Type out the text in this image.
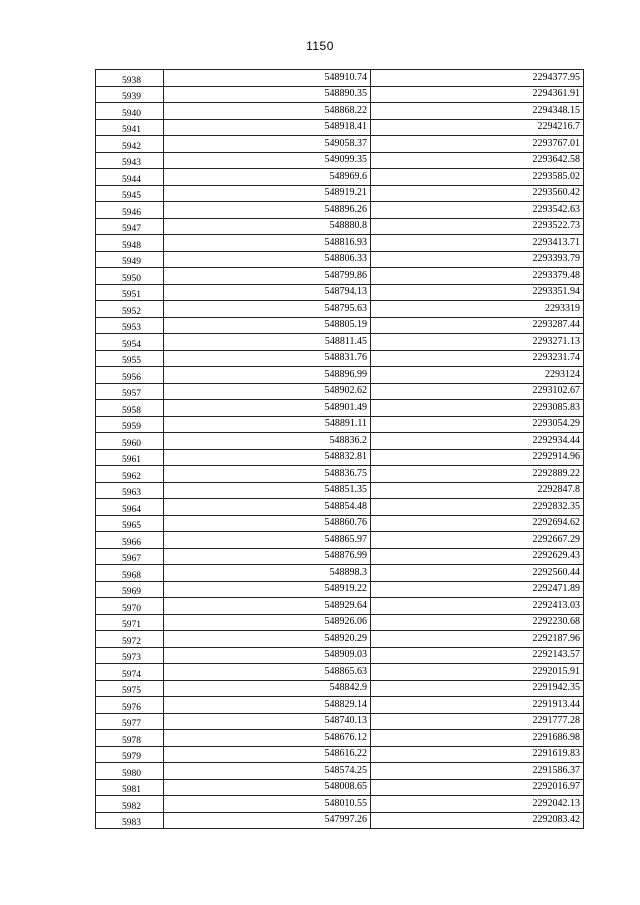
1150
5938	548910.74	2294377.95
5939	548890.35	2294361.91
5940	548868.22	2294348.15
5941	548918.41	2294216.7
5942	549058.37	2293767.01
5943	549099.35	2293642.58
5944	548969.6	2293585.02
5945	548919.21	2293560.42
5946	548896.26	2293542.63
5947	548880.8	2293522.73
5948	548816.93	2293413.71
5949	548806.33	2293393.79
5950	548799.86	2293379.48
5951	548794.13	2293351.94
5952	548795.63	2293319
5953	548805.19	2293287.44
5954	548811.45	2293271.13
5955	548831.76	2293231.74
5956	548896.99	2293124
5957	548902.62	2293102.67
5958	548901.49	2293085.83
5959	548891.11	2293054.29
5960	548836.2	2292934.44
5961	548832.81	2292914.96
5962	548836.75	2292889.22
5963	548851.35	2292847.8
5964	548854.48	2292832.35
5965	548860.76	2292694.62
5966	548865.97	2292667.29
5967	548876.99	2292629.43
5968	548898.3	2292560.44
5969	548919.22	2292471.89
5970	548929.64	2292413.03
5971	548926.06	2292230.68
5972	548920.29	2292187.96
5973	548909.03	2292143.57
5974	548865.63	2292015.91
5975	548842.9	2291942.35
5976	548829.14	2291913.44
5977	548740.13	2291777.28
5978	548676.12	2291686.98
5979	548616.22	2291619.83
5980	548574.25	2291586.37
5981	548008.65	2292016.97
5982	548010.55	2292042.13
5983	547997.26	2292083.42
